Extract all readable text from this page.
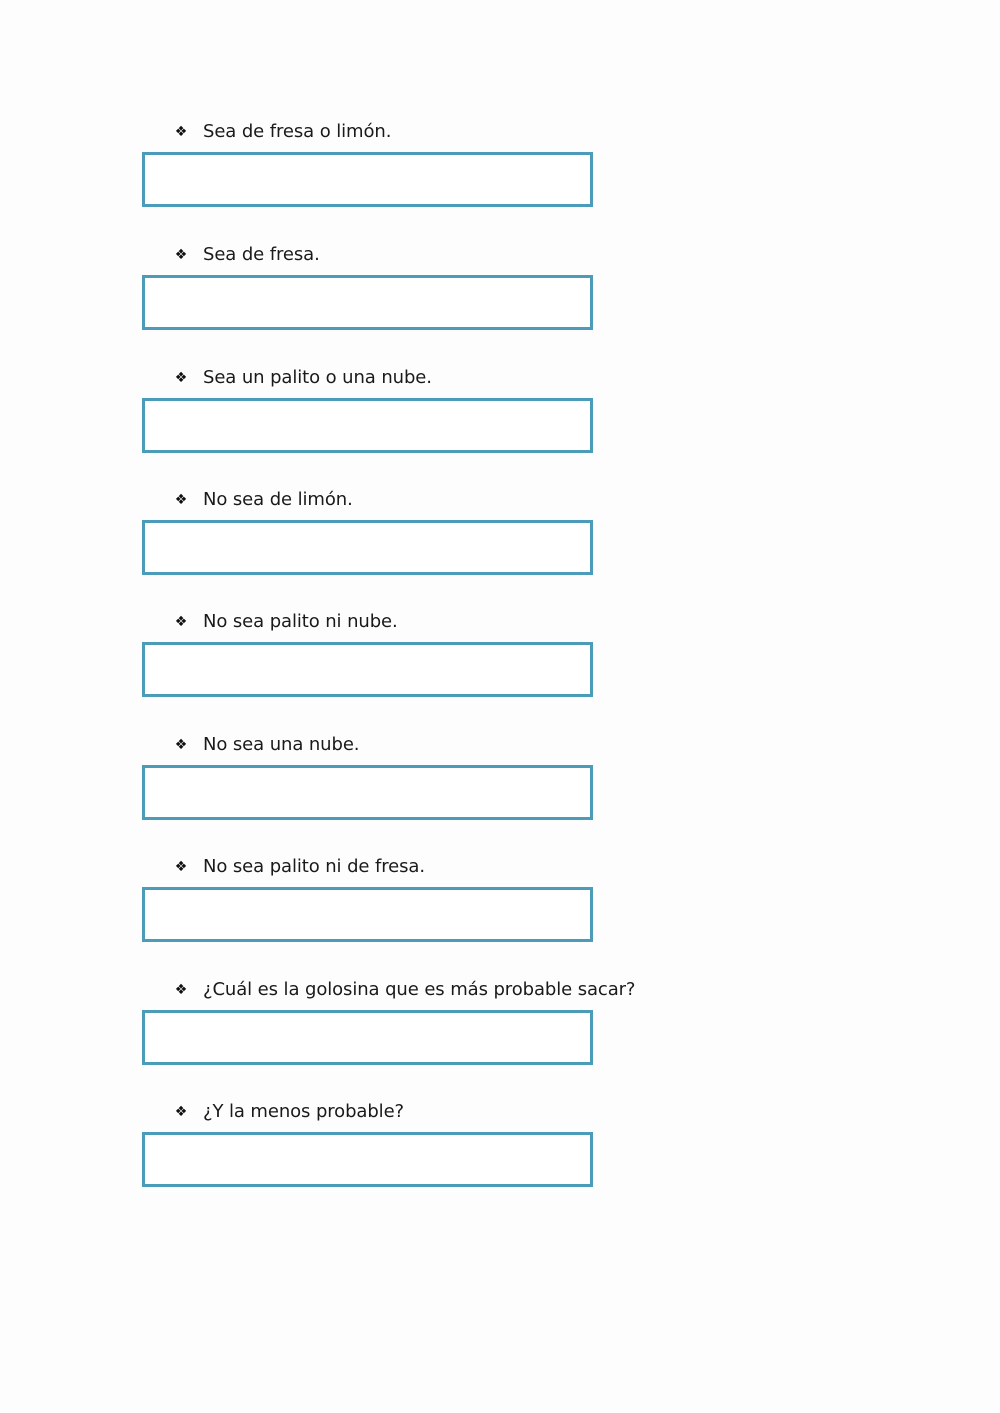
❖ Sea de fresa o limón.
❖ Sea de fresa.
❖ Sea un palito o una nube.
❖ No sea de limón.
❖ No sea palito ni nube.
❖ No sea una nube.
❖ No sea palito ni de fresa.
❖ ¿Cuál es la golosina que es más probable sacar?
❖ ¿Y la menos probable?
